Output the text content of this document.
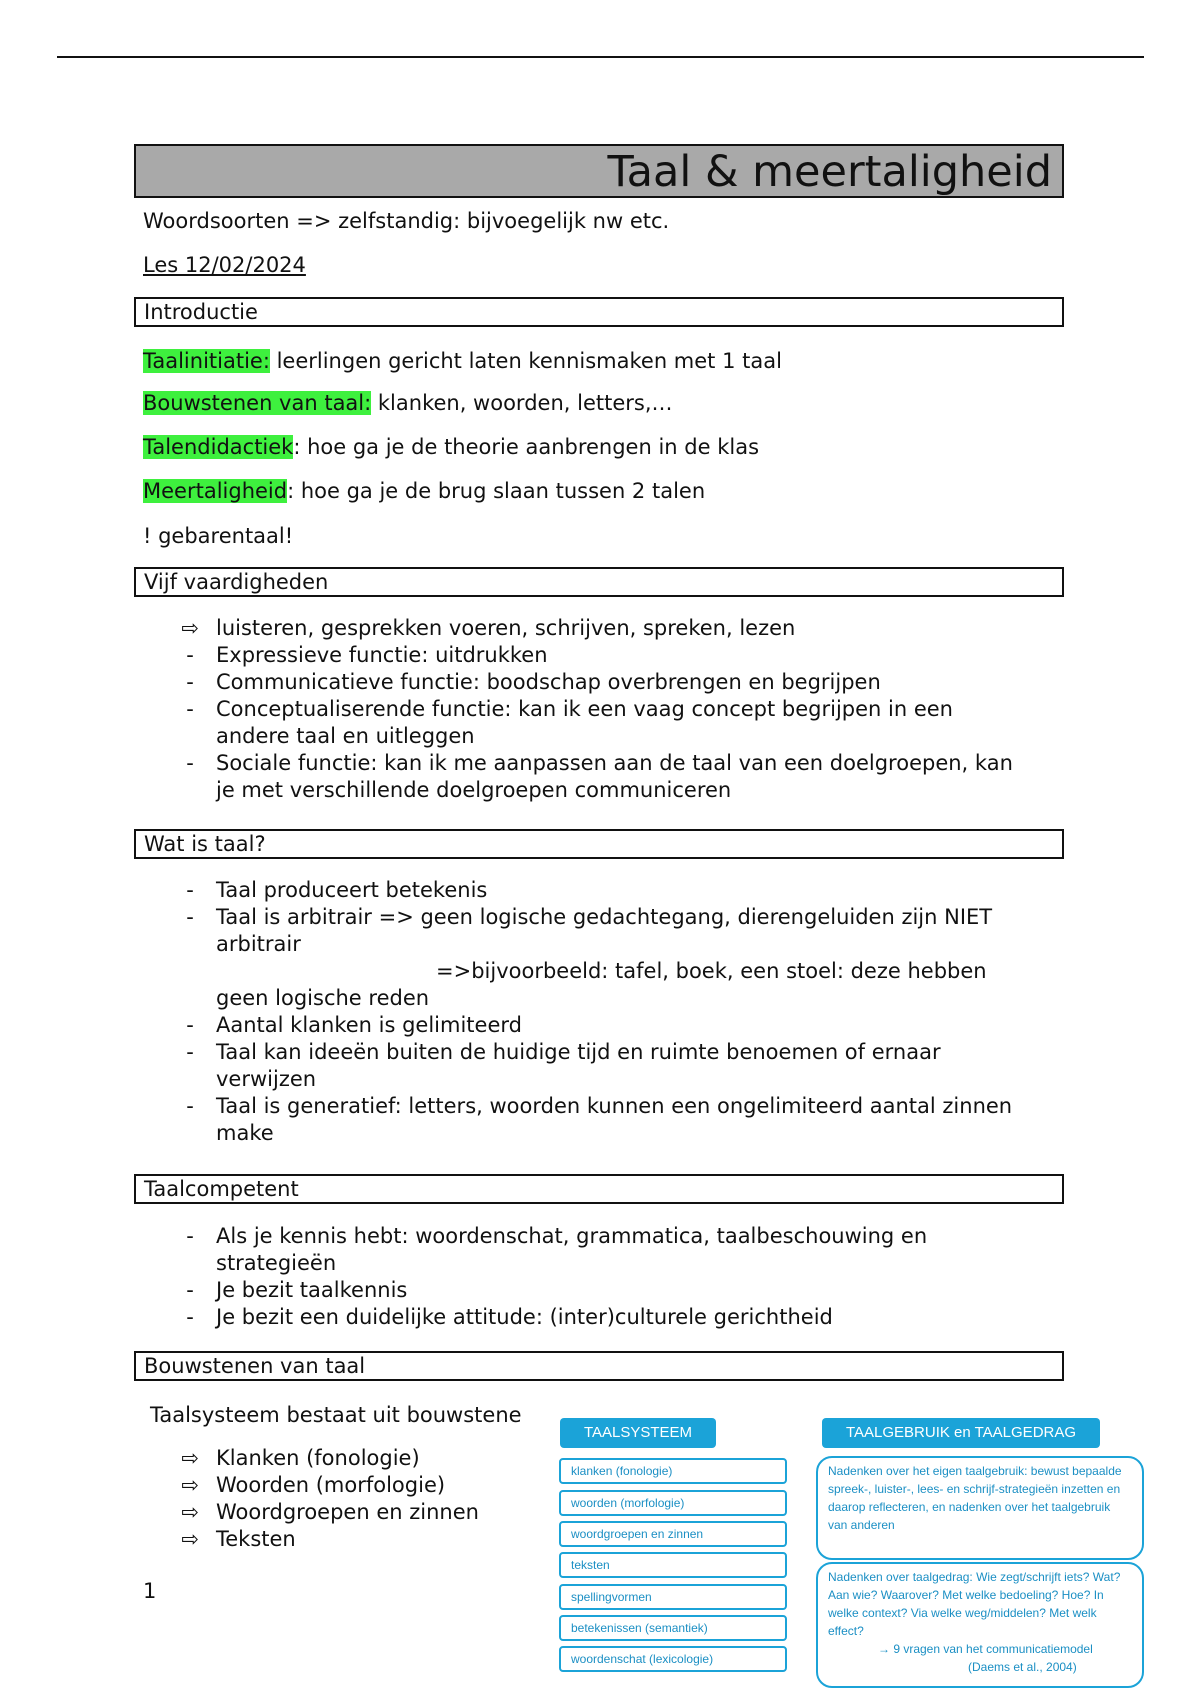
Taal & meertaligheid
Woordsoorten => zelfstandig: bijvoegelijk nw etc.
Les 12/02/2024
Introductie
Taalinitiatie: leerlingen gericht laten kennismaken met 1 taal
Bouwstenen van taal: klanken, woorden, letters,…
Talendidactiek: hoe ga je de theorie aanbrengen in de klas
Meertaligheid: hoe ga je de brug slaan tussen 2 talen
! gebarentaal!
Vijf vaardigheden
⇨ luisteren, gesprekken voeren, schrijven, spreken, lezen
- Expressieve functie: uitdrukken
- Communicatieve functie: boodschap overbrengen en begrijpen
- Conceptualiserende functie: kan ik een vaag concept begrijpen in een
andere taal en uitleggen
- Sociale functie: kan ik me aanpassen aan de taal van een doelgroepen, kan
je met verschillende doelgroepen communiceren
Wat is taal?
- Taal produceert betekenis
- Taal is arbitrair => geen logische gedachtegang, dierengeluiden zijn NIET
arbitrair
=>bijvoorbeeld: tafel, boek, een stoel: deze hebben
geen logische reden
- Aantal klanken is gelimiteerd
- Taal kan ideeën buiten de huidige tijd en ruimte benoemen of ernaar
verwijzen
- Taal is generatief: letters, woorden kunnen een ongelimiteerd aantal zinnen
make
Taalcompetent
- Als je kennis hebt: woordenschat, grammatica, taalbeschouwing en
strategieën
- Je bezit taalkennis
- Je bezit een duidelijke attitude: (inter)culturele gerichtheid
Bouwstenen van taal
Taalsysteem bestaat uit bouwstene
⇨ Klanken (fonologie)
⇨ Woorden (morfologie)
⇨ Woordgroepen en zinnen
⇨ Teksten
1
TAALSYSTEEM	TAALGEBRUIK en TAALGEDRAG
klanken (fonologie)
woorden (morfologie)
woordgroepen en zinnen
teksten
spellingvormen
betekenissen (semantiek)
woordenschat (lexicologie)
Nadenken over het eigen taalgebruik: bewust bepaalde spreek-, luister-, lees- en schrijf-strategieën inzetten en daarop reflecteren, en nadenken over het taalgebruik van anderen
Nadenken over taalgedrag: Wie zegt/schrijft iets? Wat? Aan wie? Waarover? Met welke bedoeling? Hoe? In welke context? Via welke weg/middelen? Met welk effect?
→ 9 vragen van het communicatiemodel
(Daems et al., 2004)
